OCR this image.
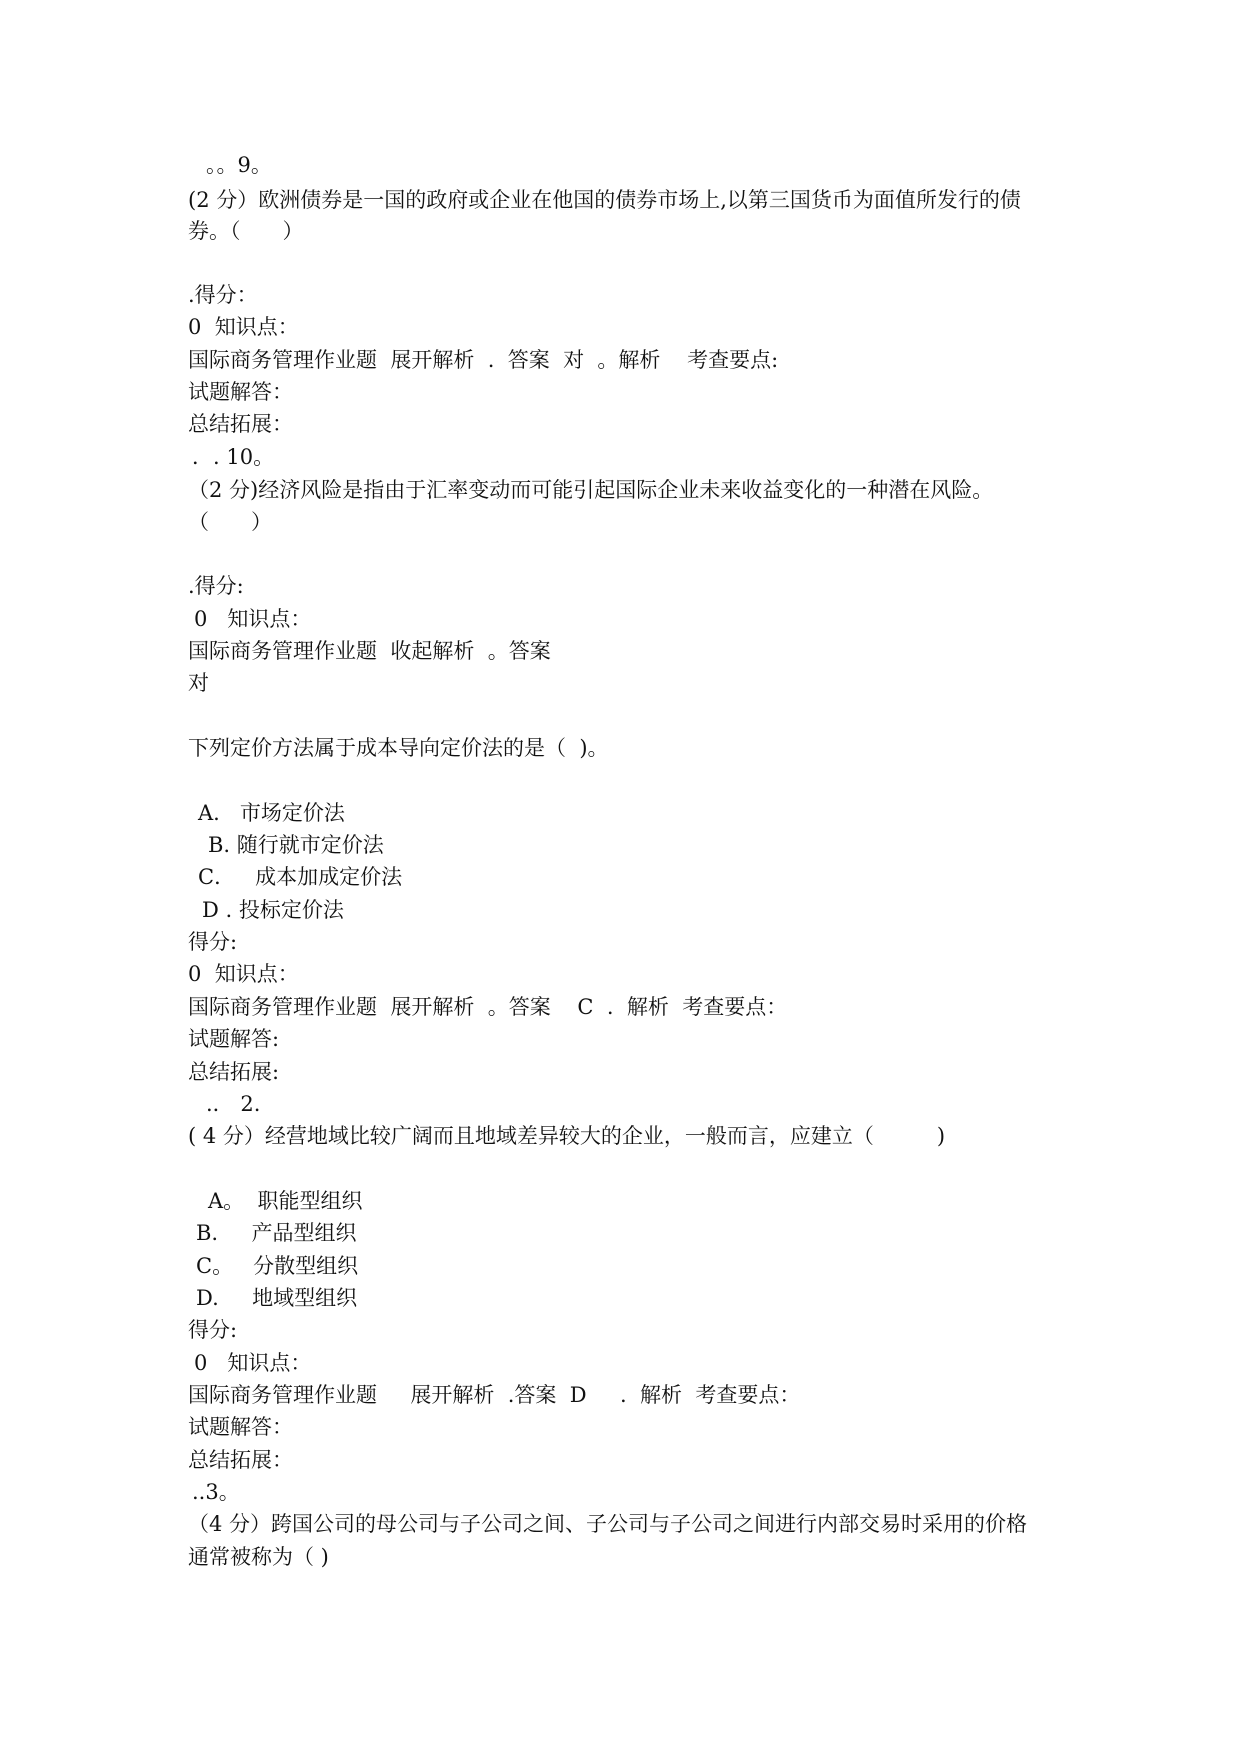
。。9。
(2 分）欧洲债券是一国的政府或企业在他国的债券市场上,以第三国货币为面值所发行的债
券。（　　）
.得分：
0  知识点：
国际商务管理作业题  展开解析  .  答案  对  。解析    考查要点:
试题解答：
总结拓展：
．. 10。
（2 分)经济风险是指由于汇率变动而可能引起国际企业未来收益变化的一种潜在风险。
（　　）
.得分:
0   知识点：
国际商务管理作业题  收起解析  。答案
对
下列定价方法属于成本导向定价法的是（  )。
A.   市场定价法
B. 随行就市定价法
C．   成本加成定价法
D . 投标定价法
得分:
0  知识点：
国际商务管理作业题  展开解析  。答案    C  .  解析  考查要点：
试题解答:
总结拓展:
.． 2.
( 4 分）经营地域比较广阔而且地域差异较大的企业，一般而言，应建立（　　　)
A。  职能型组织
B.     产品型组织
C。   分散型组织
D.     地域型组织
得分:
0   知识点：
国际商务管理作业题     展开解析  .答案  D     .  解析  考查要点：
试题解答：
总结拓展：
..3。
（4 分）跨国公司的母公司与子公司之间、子公司与子公司之间进行内部交易时采用的价格
通常被称为（ )
